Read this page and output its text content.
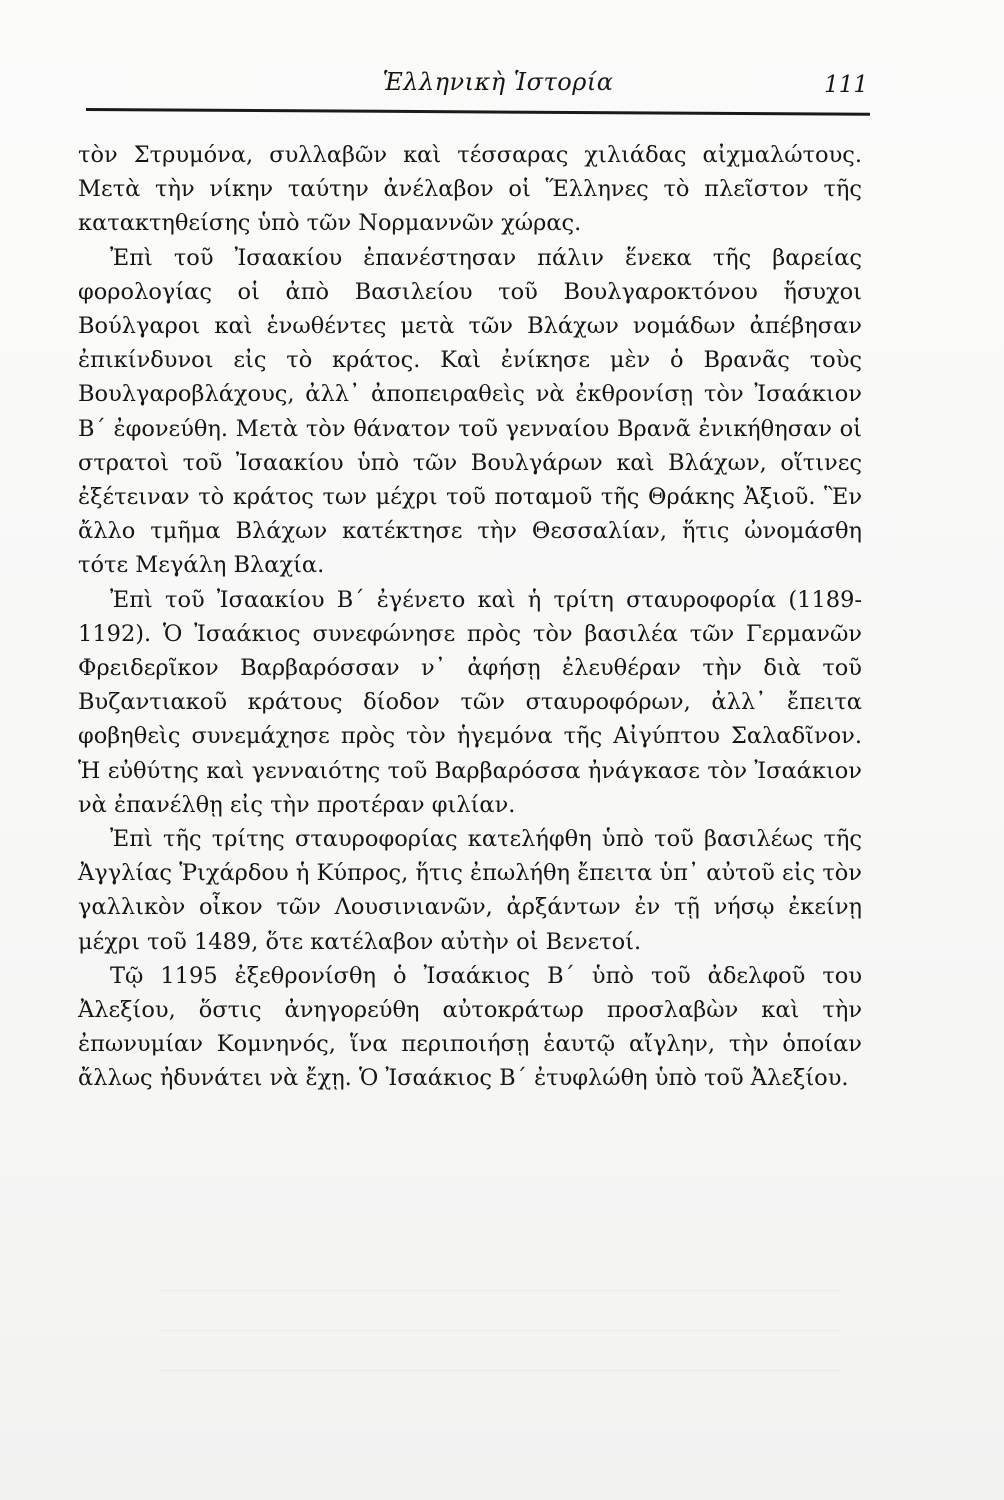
Ἑλληνικὴ Ἱστορία	111

τὸν Στρυμόνα, συλλαβῶν καὶ τέσσαρας χιλιάδας αἰχμαλώτους. Μετὰ τὴν νίκην ταύτην ἀνέλαβον οἱ Ἕλληνες τὸ πλεῖστον τῆς κατακτηθείσης ὑπὸ τῶν Νορμαννῶν χώρας.

Ἐπὶ τοῦ Ἰσαακίου ἐπανέστησαν πάλιν ἕνεκα τῆς βαρείας φορολογίας οἱ ἀπὸ Βασιλείου τοῦ Βουλγαροκτόνου ἥσυχοι Βούλγαροι καὶ ἑνωθέντες μετὰ τῶν Βλάχων νομάδων ἀπέβησαν ἐπικίνδυνοι εἰς τὸ κράτος. Καὶ ἐνίκησε μὲν ὁ Βρανᾶς τοὺς Βουλγαροβλάχους, ἀλλ᾽ ἀποπειραθεὶς νὰ ἐκθρονίσῃ τὸν Ἰσαάκιον Β΄ ἐφονεύθη. Μετὰ τὸν θάνατον τοῦ γενναίου Βρανᾶ ἐνικήθησαν οἱ στρατοὶ τοῦ Ἰσαακίου ὑπὸ τῶν Βουλγάρων καὶ Βλάχων, οἵτινες ἐξέτειναν τὸ κράτος των μέχρι τοῦ ποταμοῦ τῆς Θράκης Ἀξιοῦ. Ἓν ἄλλο τμῆμα Βλάχων κατέκτησε τὴν Θεσσαλίαν, ἥτις ὠνομάσθη τότε Μεγάλη Βλαχία.

Ἐπὶ τοῦ Ἰσαακίου Β΄ ἐγένετο καὶ ἡ τρίτη σταυροφορία (1189-1192). Ὁ Ἰσαάκιος συνεφώνησε πρὸς τὸν βασιλέα τῶν Γερμανῶν Φρειδερῖκον Βαρβαρόσσαν ν᾽ ἀφήσῃ ἐλευθέραν τὴν διὰ τοῦ Βυζαντιακοῦ κράτους δίοδον τῶν σταυροφόρων, ἀλλ᾽ ἔπειτα φοβηθεὶς συνεμάχησε πρὸς τὸν ἡγεμόνα τῆς Αἰγύπτου Σαλαδῖνον. Ἡ εὐθύτης καὶ γενναιότης τοῦ Βαρβαρόσσα ἠνάγκασε τὸν Ἰσαάκιον νὰ ἐπανέλθῃ εἰς τὴν προτέραν φιλίαν.

Ἐπὶ τῆς τρίτης σταυροφορίας κατελήφθη ὑπὸ τοῦ βασιλέως τῆς Ἀγγλίας Ῥιχάρδου ἡ Κύπρος, ἥτις ἐπωλήθη ἔπειτα ὑπ᾽ αὐτοῦ εἰς τὸν γαλλικὸν οἶκον τῶν Λουσινιανῶν, ἀρξάντων ἐν τῇ νήσῳ ἐκείνῃ μέχρι τοῦ 1489, ὅτε κατέλαβον αὐτὴν οἱ Βενετοί.

Τῷ 1195 ἐξεθρονίσθη ὁ Ἰσαάκιος Β΄ ὑπὸ τοῦ ἀδελφοῦ του Ἀλεξίου, ὅστις ἀνηγορεύθη αὐτοκράτωρ προσλαβὼν καὶ τὴν ἐπωνυμίαν Κομνηνός, ἵνα περιποιήσῃ ἑαυτῷ αἴγλην, τὴν ὁποίαν ἄλλως ἠδυνάτει νὰ ἔχῃ. Ὁ Ἰσαάκιος Β΄ ἐτυφλώθη ὑπὸ τοῦ Ἀλεξίου.
